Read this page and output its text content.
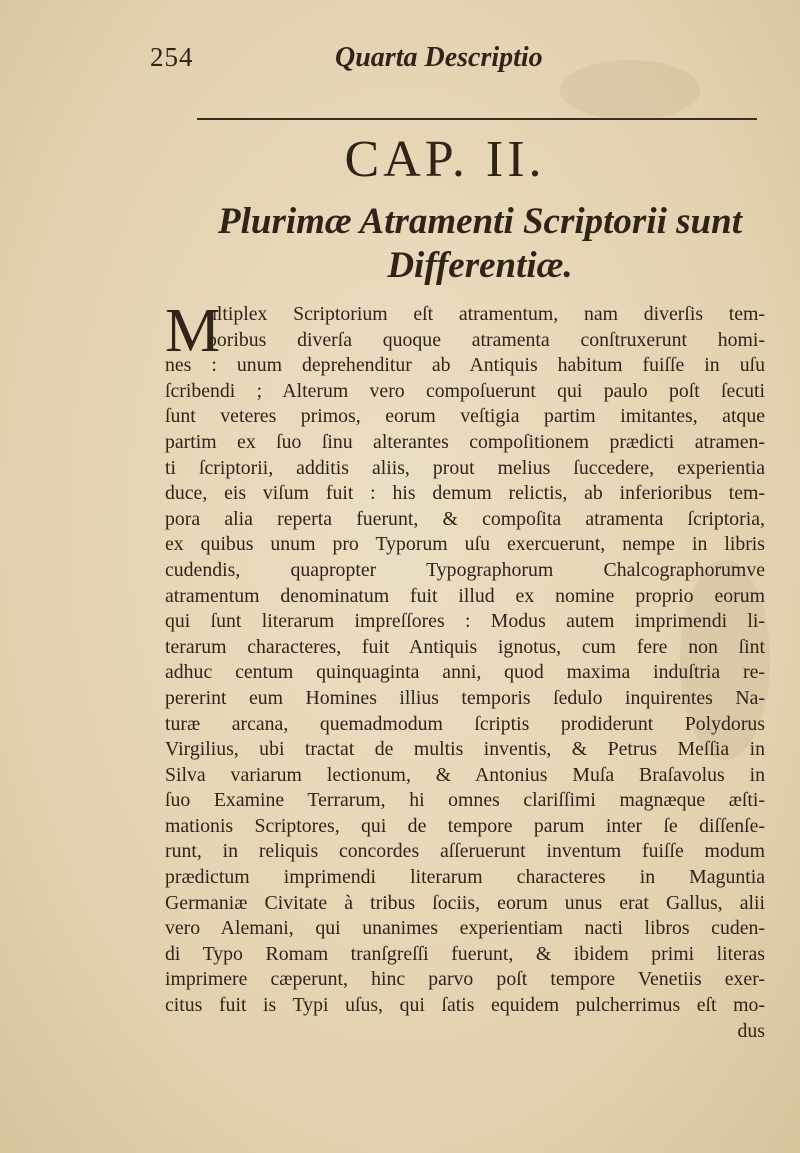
254	Quarta Descriptio
CAP. II.
Plurimæ Atramenti Scriptorii sunt
Differentiæ.
M
ultiplex Scriptorium eſt atramentum, nam diverſis tem-
poribus diverſa quoque atramenta conſtruxerunt homi-
nes : unum deprehenditur ab Antiquis habitum fuiſſe in uſu
ſcribendi ; Alterum vero compoſuerunt qui paulo poſt ſecuti
ſunt veteres primos, eorum veſtigia partim imitantes, atque
partim ex ſuo ſinu alterantes compoſitionem prædicti atramen-
ti ſcriptorii, additis aliis, prout melius ſuccedere, experientia
duce, eis viſum fuit : his demum relictis, ab inferioribus tem-
pora alia reperta fuerunt, & compoſita atramenta ſcriptoria,
ex quibus unum pro Typorum uſu exercuerunt, nempe in libris
cudendis, quapropter Typographorum Chalcographorumve
atramentum denominatum fuit illud ex nomine proprio eorum
qui ſunt literarum impreſſores : Modus autem imprimendi li-
terarum characteres, fuit Antiquis ignotus, cum fere non ſint
adhuc centum quinquaginta anni, quod maxima induſtria re-
pererint eum Homines illius temporis ſedulo inquirentes Na-
turæ arcana, quemadmodum ſcriptis prodiderunt Polydorus
Virgilius, ubi tractat de multis inventis, & Petrus Meſſia in
Silva variarum lectionum, & Antonius Muſa Braſavolus in
ſuo Examine Terrarum, hi omnes clariſſimi magnæque æſti-
mationis Scriptores, qui de tempore parum inter ſe diſſenſe-
runt, in reliquis concordes aſſeruerunt inventum fuiſſe modum
prædictum imprimendi literarum characteres in Maguntia
Germaniæ Civitate à tribus ſociis, eorum unus erat Gallus, alii
vero Alemani, qui unanimes experientiam nacti libros cuden-
di Typo Romam tranſgreſſi fuerunt, & ibidem primi literas
imprimere cæperunt, hinc parvo poſt tempore Venetiis exer-
citus fuit is Typi uſus, qui ſatis equidem pulcherrimus eſt mo-
dus
